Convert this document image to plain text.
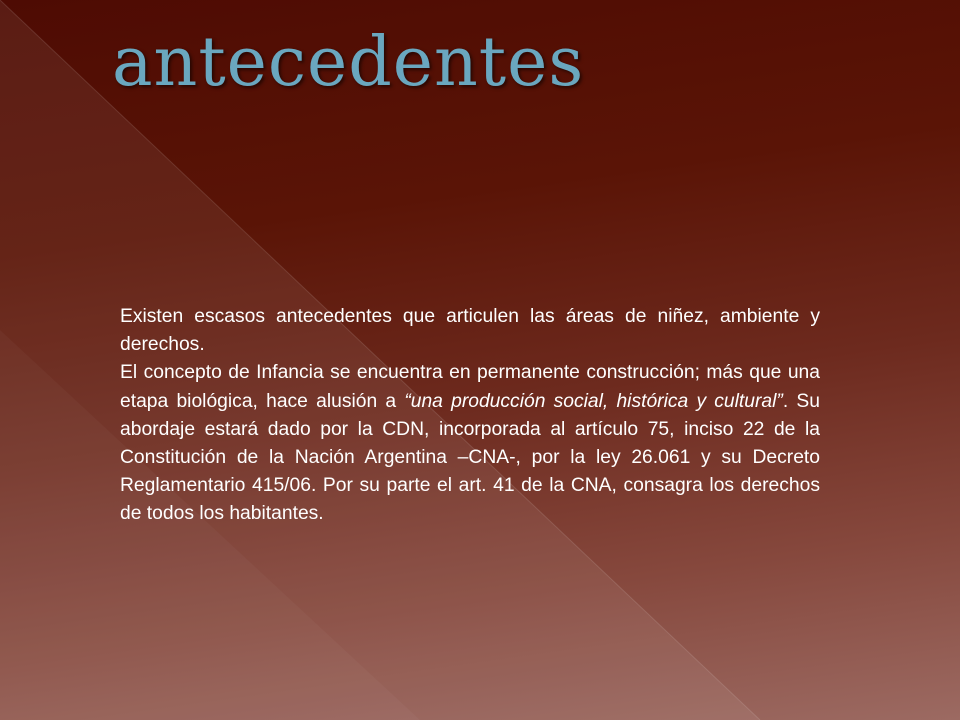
antecedentes

Existen escasos antecedentes que articulen las áreas de niñez, ambiente y derechos.

El concepto de Infancia se encuentra en permanente construcción; más que una etapa biológica, hace alusión a “una producción social, histórica y cultural”. Su abordaje estará dado por la CDN, incorporada al artículo 75, inciso 22 de la Constitución de la Nación Argentina –CNA-, por la ley 26.061 y su Decreto Reglamentario 415/06. Por su parte el art. 41 de la CNA, consagra los derechos de todos los habitantes.
